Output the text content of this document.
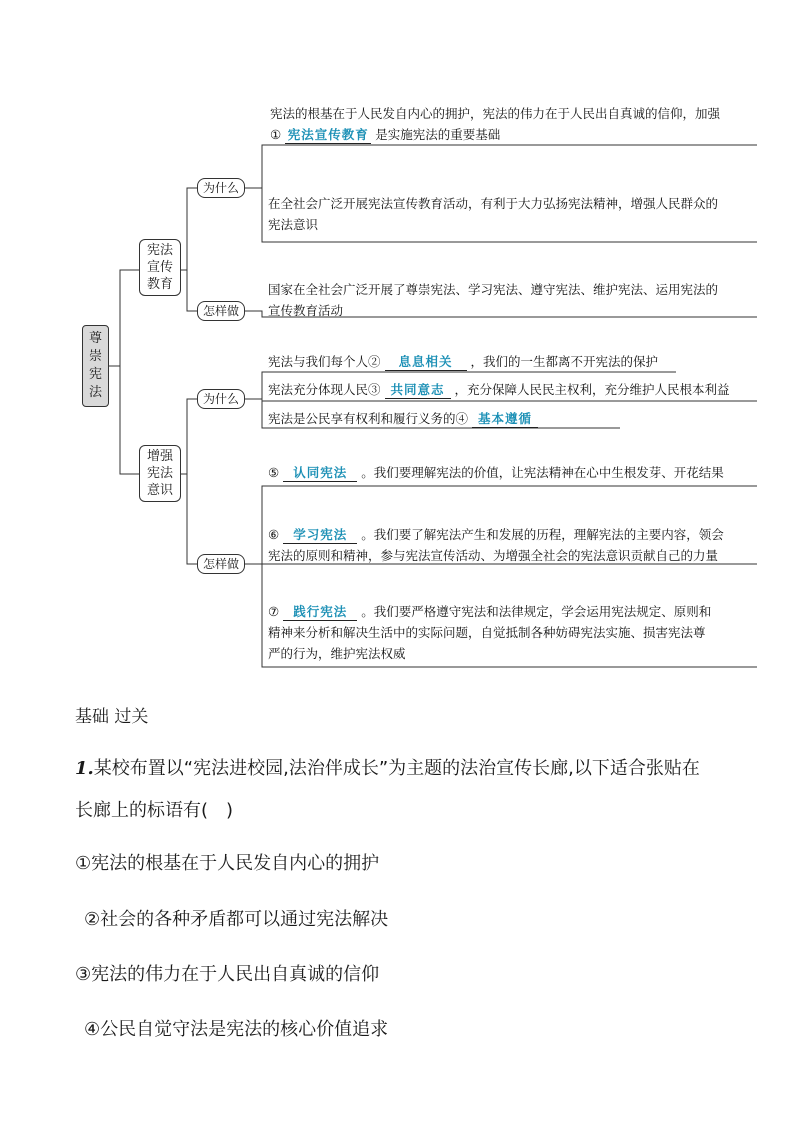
尊
崇
宪
法
宪法
宣传
教育
增强
宪法
意识
为什么
怎样做
为什么
怎样做
宪法的根基在于人民发自内心的拥护，宪法的伟力在于人民出自真诚的信仰，加强
① 宪法宣传教育 是实施宪法的重要基础
在全社会广泛开展宪法宣传教育活动，有利于大力弘扬宪法精神，增强人民群众的
宪法意识
国家在全社会广泛开展了尊崇宪法、学习宪法、遵守宪法、维护宪法、运用宪法的
宣传教育活动
宪法与我们每个人② 息息相关 ，我们的一生都离不开宪法的保护
宪法充分体现人民③ 共同意志 ，充分保障人民民主权利，充分维护人民根本利益
宪法是公民享有权利和履行义务的④ 基本遵循
⑤ 认同宪法 。我们要理解宪法的价值，让宪法精神在心中生根发芽、开花结果
⑥ 学习宪法 。我们要了解宪法产生和发展的历程，理解宪法的主要内容，领会
宪法的原则和精神，参与宪法宣传活动、为增强全社会的宪法意识贡献自己的力量
⑦ 践行宪法 。我们要严格遵守宪法和法律规定，学会运用宪法规定、原则和
精神来分析和解决生活中的实际问题，自觉抵制各种妨碍宪法实施、损害宪法尊
严的行为，维护宪法权威
基础 过关
1.某校布置以“宪法进校园,法治伴成长”为主题的法治宣传长廊,以下适合张贴在
长廊上的标语有(　)
①宪法的根基在于人民发自内心的拥护
②社会的各种矛盾都可以通过宪法解决
③宪法的伟力在于人民出自真诚的信仰
④公民自觉守法是宪法的核心价值追求
